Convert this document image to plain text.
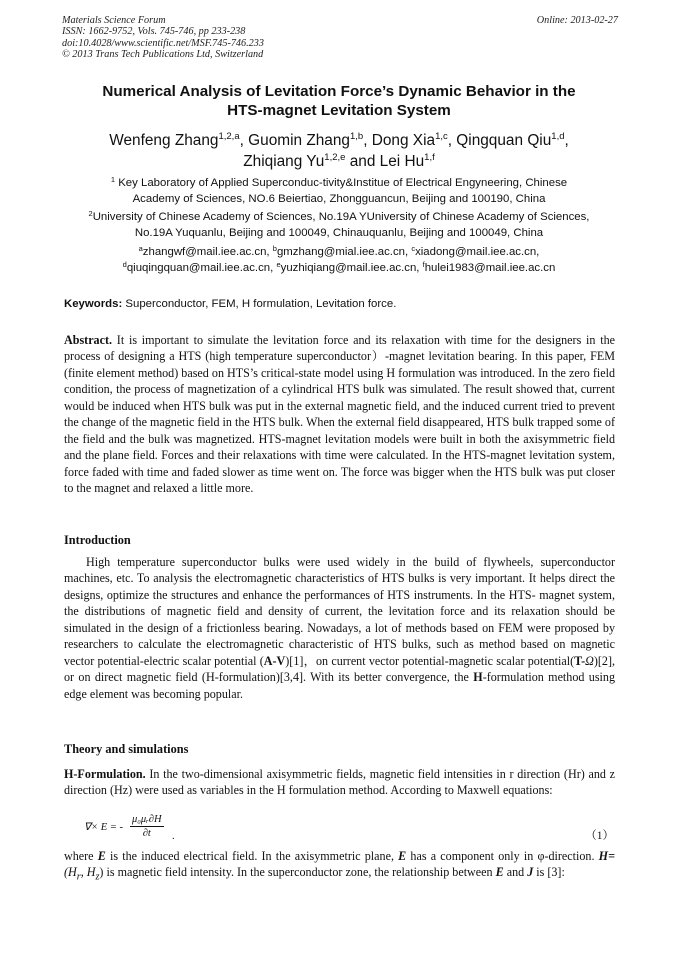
Materials Science Forum
ISSN: 1662-9752, Vols. 745-746, pp 233-238
doi:10.4028/www.scientific.net/MSF.745-746.233
© 2013 Trans Tech Publications Ltd, Switzerland
Online: 2013-02-27
Numerical Analysis of Levitation Force’s Dynamic Behavior in the
HTS-magnet Levitation System
Wenfeng Zhang$^{1,2,a}$, Guomin Zhang$^{1,b}$, Dong Xia$^{1,c}$, Qingquan Qiu$^{1,d}$,
Zhiqiang Yu$^{1,2,e}$ and Lei Hu$^{1,f}$
$^1$ Key Laboratory of Applied Superconduc-tivity&Institue of Electrical Engyneering, Chinese
Academy of Sciences, NO.6 Beiertiao, Zhongguancun, Beijing and 100190, China
$^2$University of Chinese Academy of Sciences, No.19A YUniversity of Chinese Academy of Sciences,
No.19A Yuquanlu, Beijing and 100049, Chinauquanlu, Beijing and 100049, China
$^a$zhangwf@mail.iee.ac.cn, $^b$gmzhang@mial.iee.ac.cn, $^c$xiadong@mail.iee.ac.cn,
$^d$qiuqingquan@mail.iee.ac.cn, $^e$yuzhiqiang@mail.iee.ac.cn, $^f$hulei1983@mail.iee.ac.cn
Keywords: Superconductor, FEM, H formulation, Levitation force.
Abstract. It is important to simulate the levitation force and its relaxation with time for the designers in the process of designing a HTS (high temperature superconductor）-magnet levitation bearing. In this paper, FEM (finite element method) based on HTS’s critical-state model using H formulation was introduced. In the zero field condition, the process of magnetization of a cylindrical HTS bulk was simulated. The result showed that, current would be induced when HTS bulk was put in the external magnetic field, and the induced current tried to prevent the change of the magnetic field in the HTS bulk. When the external field disappeared, HTS bulk trapped some of the field and the bulk was magnetized. HTS-magnet levitation models were built in both the axisymmetric field and the plane field. Forces and their relaxations with time were calculated. In the HTS-magnet levitation system, force faded with time and faded slower as time went on. The force was bigger when the HTS bulk was put closer to the magnet and relaxed a little more.
Introduction
High temperature superconductor bulks were used widely in the build of flywheels, superconductor machines, etc. To analysis the electromagnetic characteristics of HTS bulks is very important. It helps direct the designs, optimize the structures and enhance the performances of HTS instruments. In the HTS- magnet system, the distributions of magnetic field and density of current, the levitation force and its relaxation should be simulated in the design of a frictionless bearing. Nowadays, a lot of methods based on FEM were proposed by researchers to calculate the electromagnetic characteristic of HTS bulks, such as method based on magnetic vector potential-electric scalar potential (A-V)[1]，on current vector potential-magnetic scalar potential(T-Ω)[2], or on direct magnetic field (H-formulation)[3,4]. With its better convergence, the H-formulation method using edge element was becoming popular.
Theory and simulations
H-Formulation. In the two-dimensional axisymmetric fields, magnetic field intensities in r direction (Hr) and z direction (Hz) were used as variables in the H formulation method. According to Maxwell equations:
∇× E = - $\frac{\text{μ₀μᵣ∂H}}{\partial t}$ .	（1）
where E is the induced electrical field. In the axisymmetric plane, E has a component only in φ-direction. $H= (H_r$, $H_z$) is magnetic field intensity. In the superconductor zone, the relationship between E and J is [3]:
